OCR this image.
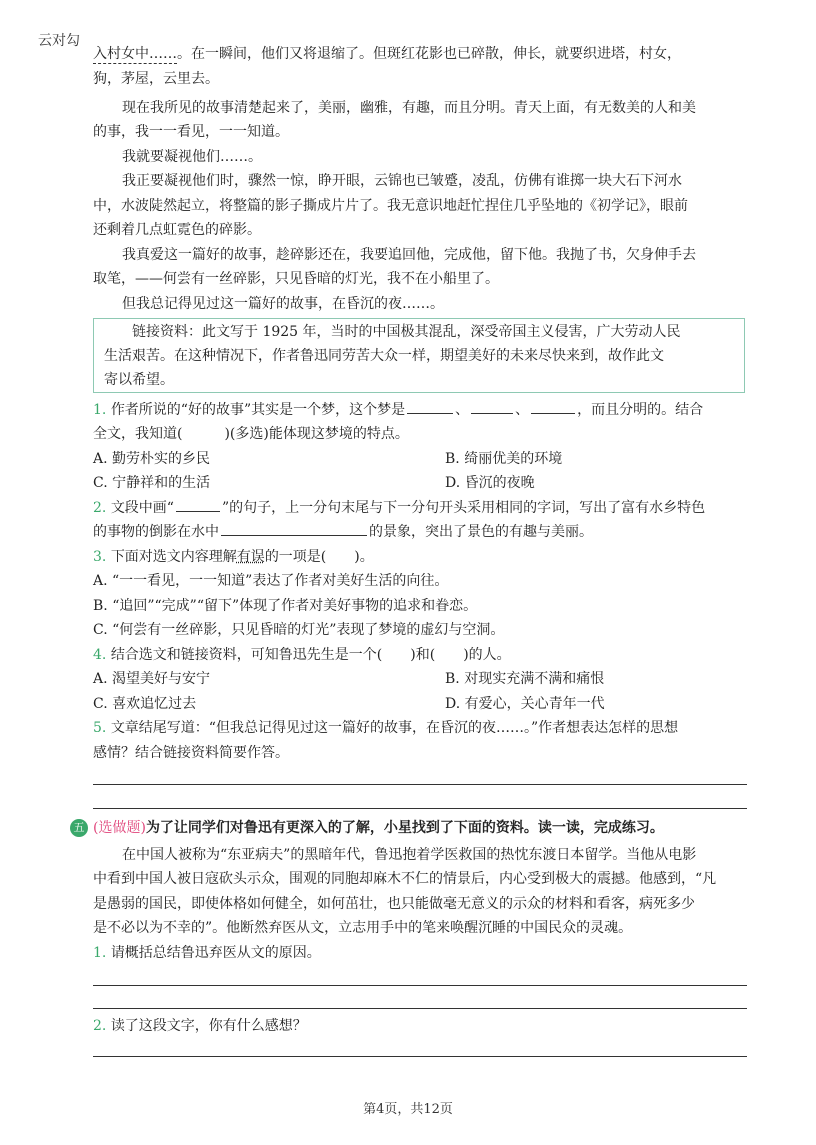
云对勾
入村女中……。在一瞬间，他们又将退缩了。但斑红花影也已碎散，伸长，就要织进塔，村女，
狗，茅屋，云里去。
现在我所见的故事清楚起来了，美丽，幽雅，有趣，而且分明。青天上面，有无数美的人和美
的事，我一一看见，一一知道。
我就要凝视他们……。
我正要凝视他们时，骤然一惊，睁开眼，云锦也已皱蹙，凌乱，仿佛有谁掷一块大石下河水
中，水波陡然起立，将整篇的影子撕成片片了。我无意识地赶忙捏住几乎坠地的《初学记》，眼前
还剩着几点虹霓色的碎影。
我真爱这一篇好的故事，趁碎影还在，我要追回他，完成他，留下他。我抛了书，欠身伸手去
取笔，——何尝有一丝碎影，只见昏暗的灯光，我不在小船里了。
但我总记得见过这一篇好的故事，在昏沉的夜……。
链接资料：此文写于 1925 年，当时的中国极其混乱，深受帝国主义侵害，广大劳动人民
生活艰苦。在这种情况下，作者鲁迅同劳苦大众一样，期望美好的未来尽快来到，故作此文
寄以希望。
1. 作者所说的“好的故事”其实是一个梦，这个梦是	、	、	，而且分明的。结合
全文，我知道(　　　)(多选)能体现这梦境的特点。
A. 勤劳朴实的乡民	B. 绮丽优美的环境
C. 宁静祥和的生活	D. 昏沉的夜晚
2. 文段中画“	”的句子，上一分句末尾与下一分句开头采用相同的字词，写出了富有水乡特色
的事物的倒影在水中	的景象，突出了景色的有趣与美丽。
3. 下面对选文内容理解有误的一项是(　　)。
A. “一一看见，一一知道”表达了作者对美好生活的向往。
B. “追回”“完成”“留下”体现了作者对美好事物的追求和眷恋。
C. “何尝有一丝碎影，只见昏暗的灯光”表现了梦境的虚幻与空洞。
4. 结合选文和链接资料，可知鲁迅先生是一个(　　)和(　　)的人。
A. 渴望美好与安宁	B. 对现实充满不满和痛恨
C. 喜欢追忆过去	D. 有爱心，关心青年一代
5. 文章结尾写道：“但我总记得见过这一篇好的故事，在昏沉的夜……。”作者想表达怎样的思想
感情？结合链接资料简要作答。
五 (选做题)为了让同学们对鲁迅有更深入的了解，小星找到了下面的资料。读一读，完成练习。
在中国人被称为“东亚病夫”的黑暗年代，鲁迅抱着学医救国的热忱东渡日本留学。当他从电影
中看到中国人被日寇砍头示众，围观的同胞却麻木不仁的情景后，内心受到极大的震撼。他感到，“凡
是愚弱的国民，即使体格如何健全，如何茁壮，也只能做毫无意义的示众的材料和看客，病死多少
是不必以为不幸的”。他断然弃医从文，立志用手中的笔来唤醒沉睡的中国民众的灵魂。
1. 请概括总结鲁迅弃医从文的原因。
2. 读了这段文字，你有什么感想？
第4页，共12页
